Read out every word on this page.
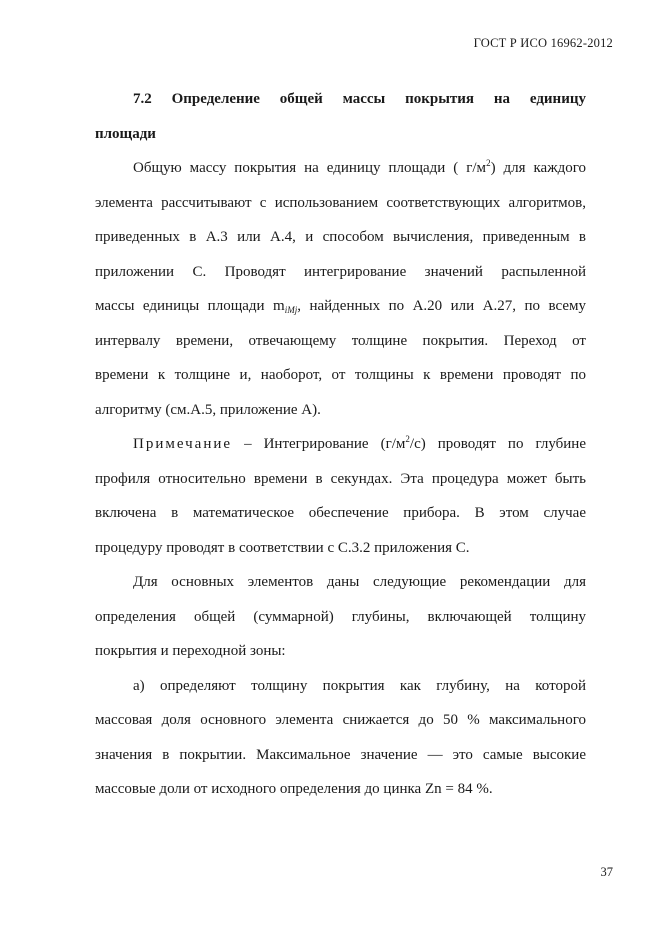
ГОСТ Р ИСО 16962-2012
7.2 Определение общей массы покрытия на единицу
площади
Общую массу покрытия на единицу площади ( $г/м^2$) для каждого
элемента рассчитывают с использованием соответствующих алгоритмов,
приведенных в А.3 или А.4, и способом вычисления, приведенным в
приложении С. Проводят интегрирование значений распыленной
массы единицы площади $m_{iMj}$, найденных по А.20 или А.27, по всему
интервалу времени, отвечающему толщине покрытия. Переход от
времени к толщине и, наоборот, от толщины к времени проводят по
алгоритму (см.А.5, приложение А).
Примечание – Интегрирование $(г/м^2/с)$ проводят по глубине
профиля относительно времени в секундах. Эта процедура может быть
включена в математическое обеспечение прибора. В этом случае
процедуру проводят в соответствии с С.3.2 приложения С.
Для основных элементов даны следующие рекомендации для
определения общей (суммарной) глубины, включающей толщину
покрытия и переходной зоны:
а) определяют толщину покрытия как глубину, на которой
массовая доля основного элемента снижается до 50 % максимального
значения в покрытии. Максимальное значение — это самые высокие
массовые доли от исходного определения до цинка Zn = 84 %.
37
